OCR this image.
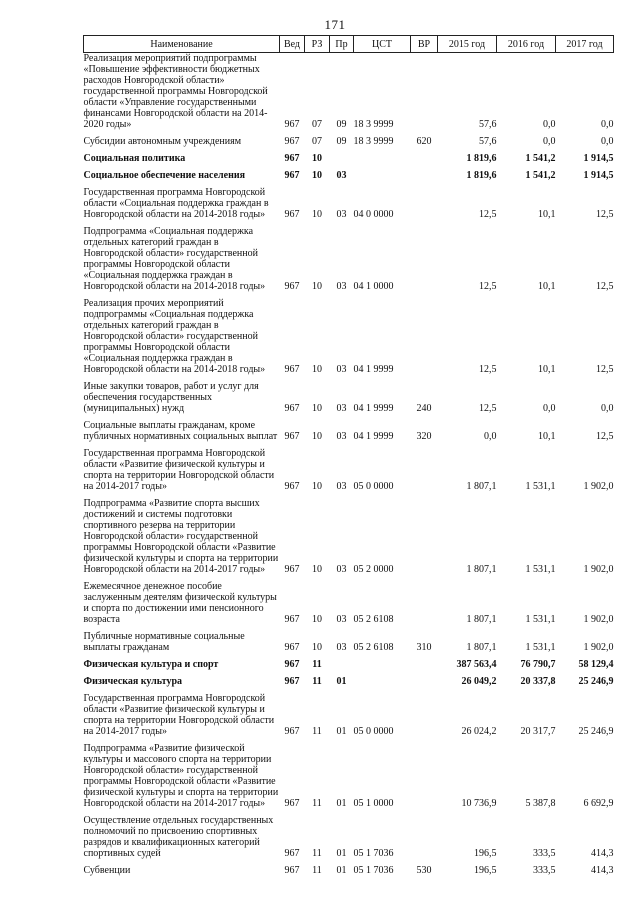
171
Наименование	Вед	РЗ	Пр	ЦСТ	ВР	2015 год	2016 год	2017 год
Реализация мероприятий подпрограммы «Повышение эффективности бюджетных расходов Новгородской области» государственной программы Новгородской области «Управление государственными финансами Новгородской области на 2014-2020 годы»	967	07	09	18 3 9999		57,6	0,0	0,0
Субсидии автономным учреждениям	967	07	09	18 3 9999	620	57,6	0,0	0,0
Социальная политика	967	10				1 819,6	1 541,2	1 914,5
Социальное обеспечение населения	967	10	03			1 819,6	1 541,2	1 914,5
Государственная программа Новгородской области «Социальная поддержка граждан в Новгородской области на 2014-2018 годы»	967	10	03	04 0 0000		12,5	10,1	12,5
Подпрограмма «Социальная поддержка отдельных категорий граждан в Новгородской области» государственной программы Новгородской области «Социальная поддержка граждан в Новгородской области на 2014-2018 годы»	967	10	03	04 1 0000		12,5	10,1	12,5
Реализация прочих мероприятий подпрограммы «Социальная поддержка отдельных категорий граждан в Новгородской области» государственной программы Новгородской области «Социальная поддержка граждан в Новгородской области на 2014-2018 годы»	967	10	03	04 1 9999		12,5	10,1	12,5
Иные закупки товаров, работ и услуг для обеспечения государственных (муниципальных) нужд	967	10	03	04 1 9999	240	12,5	0,0	0,0
Социальные выплаты гражданам, кроме публичных нормативных социальных выплат	967	10	03	04 1 9999	320	0,0	10,1	12,5
Государственная программа Новгородской области «Развитие физической культуры и спорта на территории Новгородской области на 2014-2017 годы»	967	10	03	05 0 0000		1 807,1	1 531,1	1 902,0
Подпрограмма «Развитие спорта высших достижений и системы подготовки спортивного резерва на территории Новгородской области» государственной программы Новгородской области «Развитие физической культуры и спорта на территории Новгородской области на 2014-2017 годы»	967	10	03	05 2 0000		1 807,1	1 531,1	1 902,0
Ежемесячное денежное пособие заслуженным деятелям физической культуры и спорта по достижении ими пенсионного возраста	967	10	03	05 2 6108		1 807,1	1 531,1	1 902,0
Публичные нормативные социальные выплаты гражданам	967	10	03	05 2 6108	310	1 807,1	1 531,1	1 902,0
Физическая культура и спорт	967	11				387 563,4	76 790,7	58 129,4
Физическая культура	967	11	01			26 049,2	20 337,8	25 246,9
Государственная программа Новгородской области «Развитие физической культуры и спорта на территории Новгородской области на 2014-2017 годы»	967	11	01	05 0 0000		26 024,2	20 317,7	25 246,9
Подпрограмма «Развитие физической культуры и массового спорта на территории Новгородской области» государственной программы Новгородской области «Развитие физической культуры и спорта на территории Новгородской области на 2014-2017 годы»	967	11	01	05 1 0000		10 736,9	5 387,8	6 692,9
Осуществление отдельных государственных полномочий по присвоению спортивных разрядов и квалификационных категорий спортивных судей	967	11	01	05 1 7036		196,5	333,5	414,3
Субвенции	967	11	01	05 1 7036	530	196,5	333,5	414,3
